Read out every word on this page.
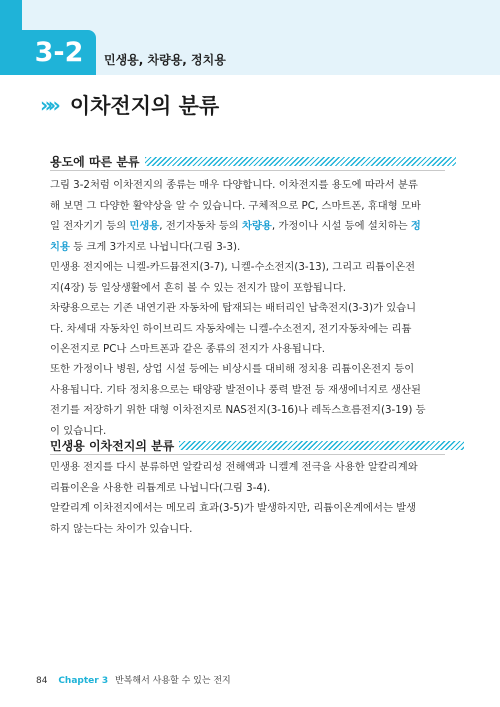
3-2	민생용, 차량용, 정치용
»» 이차전지의 분류
용도에 따른 분류
그림 3-2처럼 이차전지의 종류는 매우 다양합니다. 이차전지를 용도에 따라서 분류
해 보면 그 다양한 활약상을 알 수 있습니다. 구체적으로 PC, 스마트폰, 휴대형 모바
일 전자기기 등의 민생용, 전기자동차 등의 차량용, 가정이나 시설 등에 설치하는 정
치용 등 크게 3가지로 나뉩니다(그림 3-3).
민생용 전지에는 니켈-카드뮴전지(3-7), 니켈-수소전지(3-13), 그리고 리튬이온전
지(4장) 등 일상생활에서 흔히 볼 수 있는 전지가 많이 포함됩니다.
차량용으로는 기존 내연기관 자동차에 탑재되는 배터리인 납축전지(3-3)가 있습니
다. 차세대 자동차인 하이브리드 자동차에는 니켈-수소전지, 전기자동차에는 리튬
이온전지로 PC나 스마트폰과 같은 종류의 전지가 사용됩니다.
또한 가정이나 병원, 상업 시설 등에는 비상시를 대비해 정치용 리튬이온전지 등이
사용됩니다. 기타 정치용으로는 태양광 발전이나 풍력 발전 등 재생에너지로 생산된
전기를 저장하기 위한 대형 이차전지로 NAS전지(3-16)나 레독스흐름전지(3-19) 등
이 있습니다.
민생용 이차전지의 분류
민생용 전지를 다시 분류하면 알칼리성 전해액과 니켈계 전극을 사용한 알칼리계와
리튬이온을 사용한 리튬계로 나뉩니다(그림 3-4).
알칼리계 이차전지에서는 메모리 효과(3-5)가 발생하지만, 리튬이온계에서는 발생
하지 않는다는 차이가 있습니다.
84 Chapter 3 반복해서 사용할 수 있는 전지
